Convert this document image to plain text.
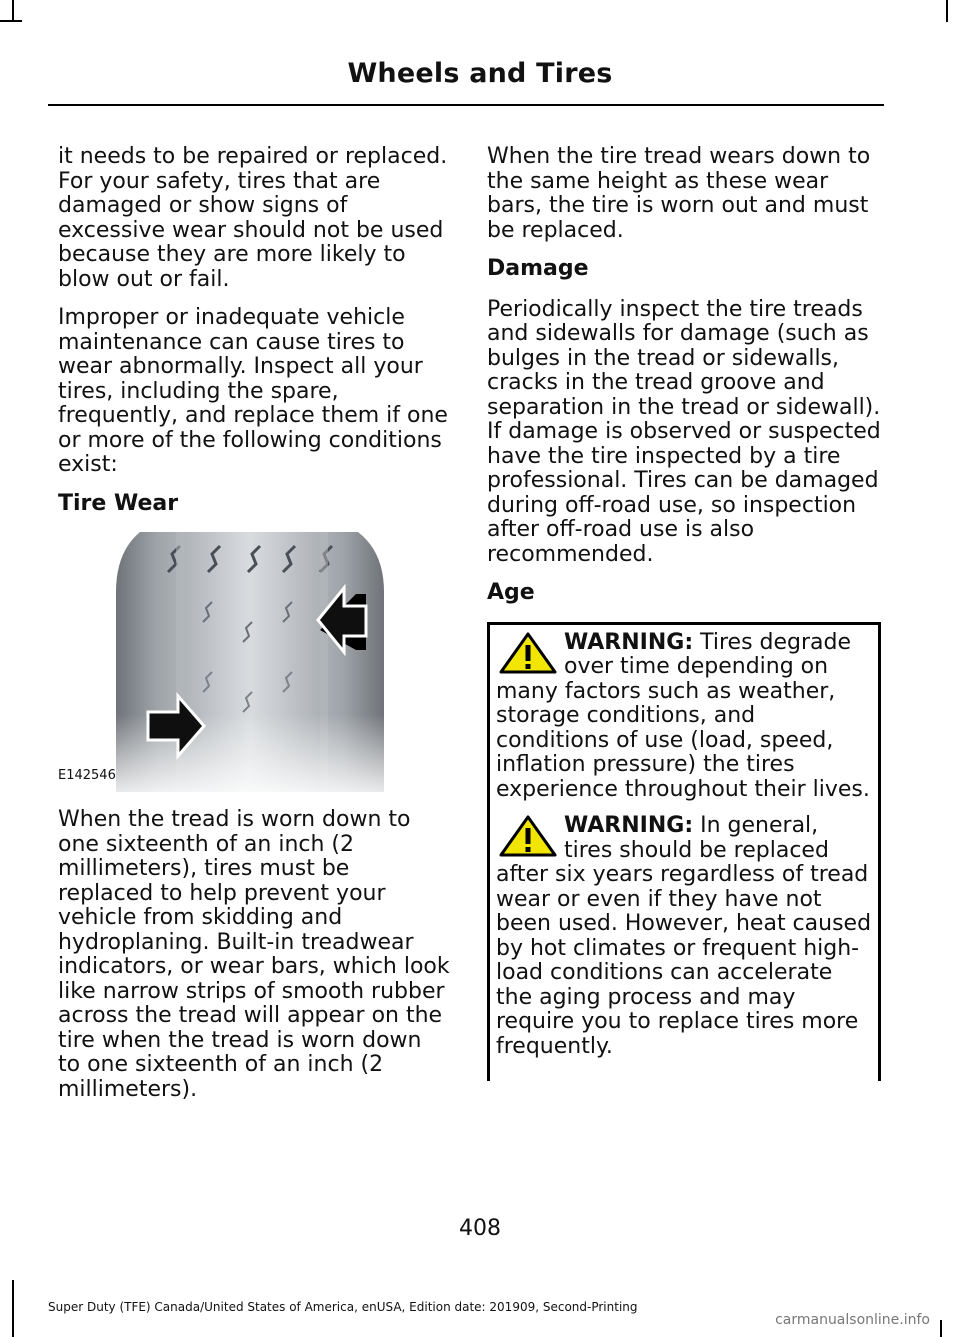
Wheels and Tires

it needs to be repaired or replaced. For your safety, tires that are damaged or show signs of excessive wear should not be used because they are more likely to blow out or fail.

Improper or inadequate vehicle maintenance can cause tires to wear abnormally. Inspect all your tires, including the spare, frequently, and replace them if one or more of the following conditions exist:

Tire Wear
E142546

When the tread is worn down to one sixteenth of an inch (2 millimeters), tires must be replaced to help prevent your vehicle from skidding and hydroplaning. Built-in treadwear indicators, or wear bars, which look like narrow strips of smooth rubber across the tread will appear on the tire when the tread is worn down to one sixteenth of an inch (2 millimeters).

When the tire tread wears down to the same height as these wear bars, the tire is worn out and must be replaced.

Damage

Periodically inspect the tire treads and sidewalls for damage (such as bulges in the tread or sidewalls, cracks in the tread groove and separation in the tread or sidewall). If damage is observed or suspected have the tire inspected by a tire professional. Tires can be damaged during off-road use, so inspection after off-road use is also recommended.

Age
WARNING: Tires degrade over time depending on many factors such as weather, storage conditions, and conditions of use (load, speed, inflation pressure) the tires experience throughout their lives.
WARNING: In general, tires should be replaced after six years regardless of tread wear or even if they have not been used. However, heat caused by hot climates or frequent high-load conditions can accelerate the aging process and may require you to replace tires more frequently.
408
Super Duty (TFE) Canada/United States of America, enUSA, Edition date: 201909, Second-Printing
carmanualsonline.info
